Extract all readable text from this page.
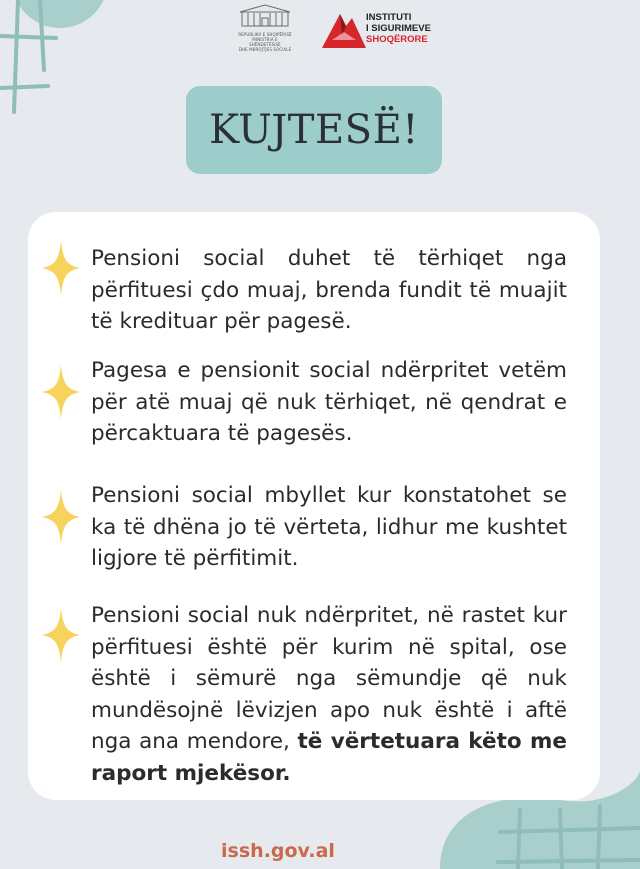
REPUBLIKA E SHQIPËRISË
MINISTRIA E SHËNDETËSISË
DHE MBROJTJES SOCIALE
INSTITUTI
I SIGURIMEVE
SHOQËRORE
KUJTESË!

Pensioni social duhet të tërhiqet nga përfituesi çdo muaj, brenda fundit të muajit të kredituar për pagesë.

Pagesa e pensionit social ndërpritet vetëm për atë muaj që nuk tërhiqet, në qendrat e përcaktuara të pagesës.

Pensioni social mbyllet kur konstatohet se ka të dhëna jo të vërteta, lidhur me kushtet ligjore të përfitimit.

Pensioni social nuk ndërpritet, në rastet kur përfituesi është për kurim në spital, ose është i sëmurë nga sëmundje që nuk mundësojnë lëvizjen apo nuk është i aftë nga ana mendore, të vërtetuara këto me raport mjekësor.

issh.gov.al
